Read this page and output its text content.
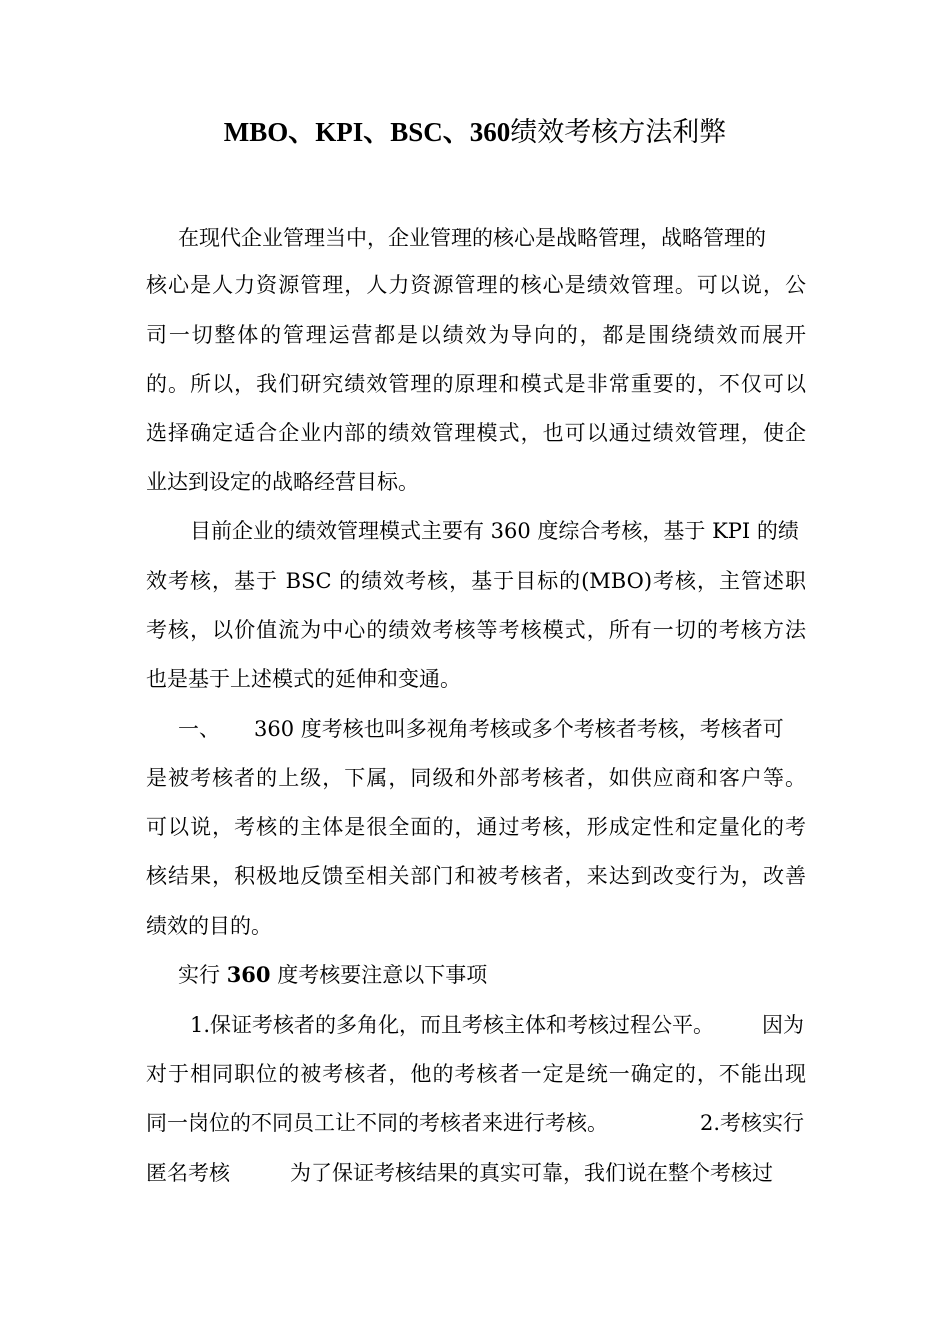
MBO、KPI、BSC、360绩效考核方法利弊
在现代企业管理当中，企业管理的核心是战略管理，战略管理的
核心是人力资源管理，人力资源管理的核心是绩效管理。可以说，公
司一切整体的管理运营都是以绩效为导向的，都是围绕绩效而展开
的。所以，我们研究绩效管理的原理和模式是非常重要的，不仅可以
选择确定适合企业内部的绩效管理模式，也可以通过绩效管理，使企
业达到设定的战略经营目标。
目前企业的绩效管理模式主要有 360 度综合考核，基于 KPI 的绩
效考核，基于 BSC 的绩效考核，基于目标的(MBO)考核，主管述职
考核，以价值流为中心的绩效考核等考核模式，所有一切的考核方法
也是基于上述模式的延伸和变通。
一、	360 度考核也叫多视角考核或多个考核者考核，考核者可
是被考核者的上级，下属，同级和外部考核者，如供应商和客户等。
可以说，考核的主体是很全面的，通过考核，形成定性和定量化的考
核结果，积极地反馈至相关部门和被考核者，来达到改变行为，改善
绩效的目的。
实行 360 度考核要注意以下事项
1.保证考核者的多角化，而且考核主体和考核过程公平。	因为
对于相同职位的被考核者，他的考核者一定是统一确定的，不能出现
同一岗位的不同员工让不同的考核者来进行考核。	2.考核实行
匿名考核	为了保证考核结果的真实可靠，我们说在整个考核过
